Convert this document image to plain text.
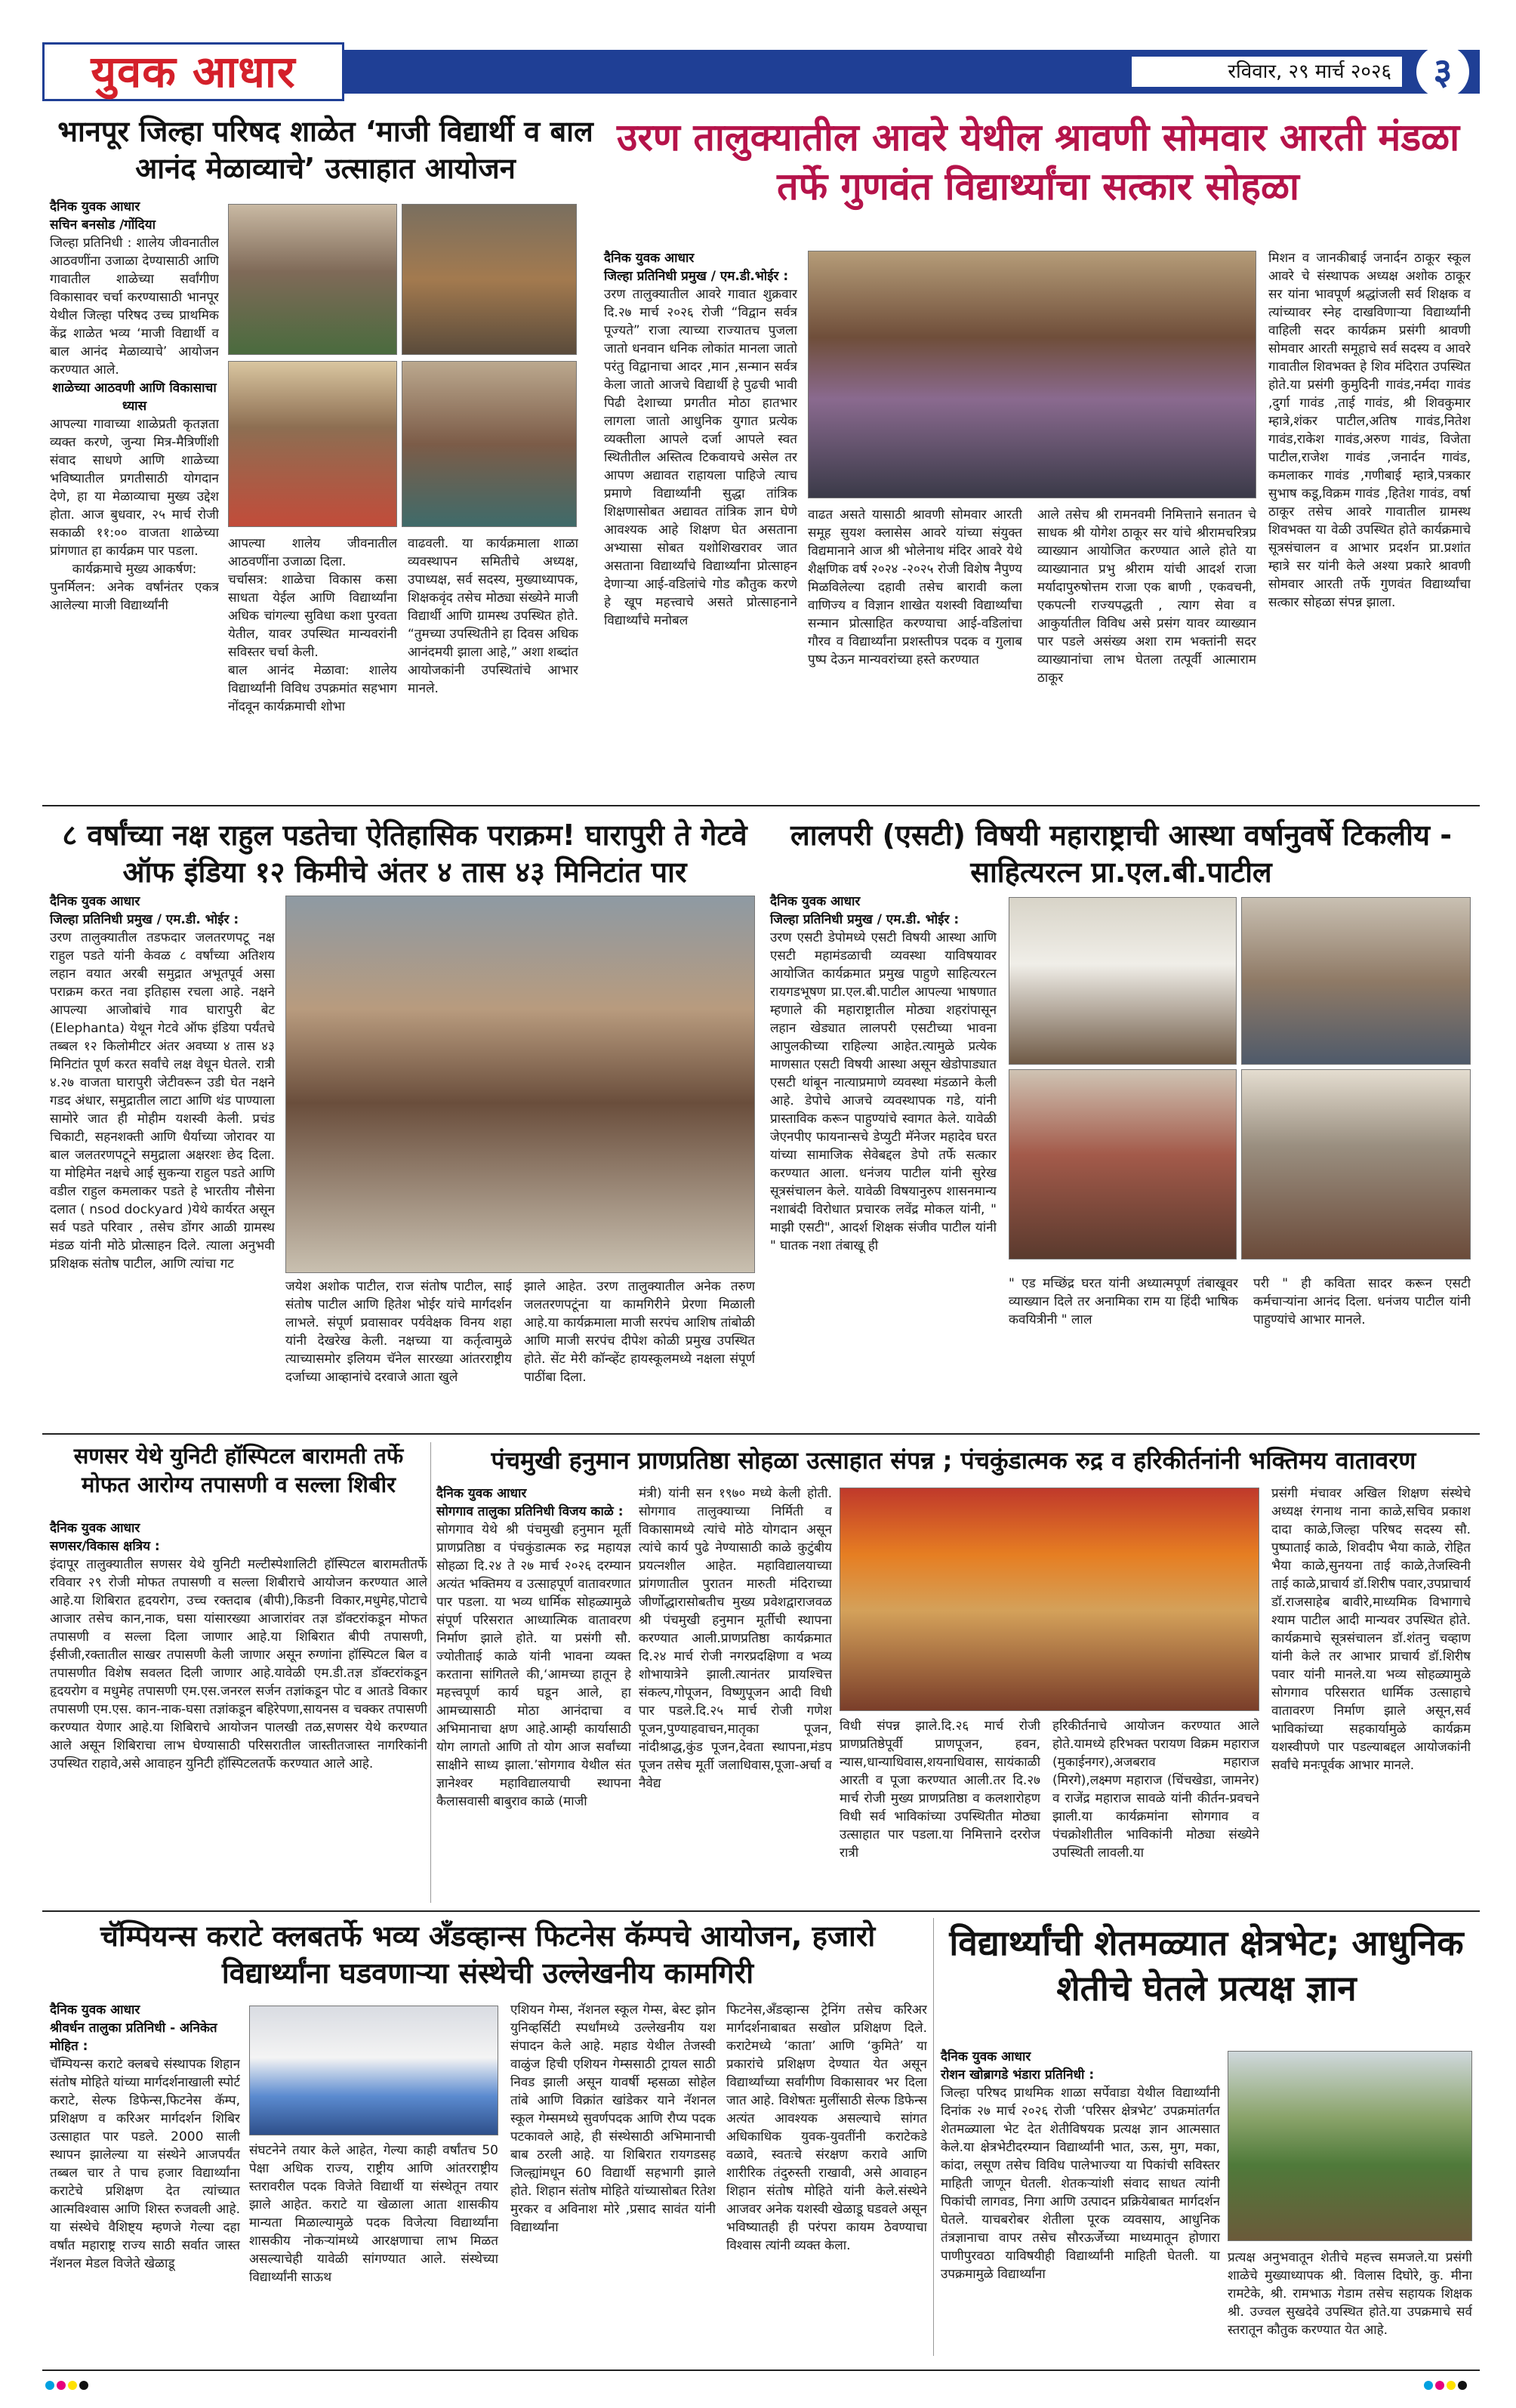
युवक आधार	रविवार, २९ मार्च २०२६	३
भानपूर जिल्हा परिषद शाळेत ‘माजी विद्यार्थी व बाल आनंद मेळाव्याचे’ उत्साहात आयोजन
दैनिक युवक आधार
सचिन बनसोड /गोंदिया
जिल्हा प्रतिनिधी : शालेय जीवनातील आठवणींना उजाळा देण्यासाठी आणि गावातील शाळेच्या सर्वांगीण विकासावर चर्चा करण्यासाठी भानपूर येथील जिल्हा परिषद उच्च प्राथमिक केंद्र शाळेत भव्य ‘माजी विद्यार्थी व बाल आनंद मेळाव्याचे’ आयोजन करण्यात आले.
शाळेच्या आठवणी आणि विकासाचा ध्यास
आपल्या गावाच्या शाळेप्रती कृतज्ञता व्यक्त करणे, जुन्या मित्र-मैत्रिणींशी संवाद साधणे आणि शाळेच्या भविष्यातील प्रगतीसाठी योगदान देणे, हा या मेळाव्याचा मुख्य उद्देश होता. आज बुधवार, २५ मार्च रोजी सकाळी ११:०० वाजता शाळेच्या प्रांगणात हा कार्यक्रम पार पडला.
कार्यक्रमाचे मुख्य आकर्षण:
पुनर्मिलन: अनेक वर्षांनंतर एकत्र आलेल्या माजी विद्यार्थ्यांनी
आपल्या शालेय जीवनातील आठवणींना उजाळा दिला.
चर्चासत्र: शाळेचा विकास कसा साधता येईल आणि विद्यार्थ्यांना अधिक चांगल्या सुविधा कशा पुरवता येतील, यावर उपस्थित मान्यवरांनी सविस्तर चर्चा केली.
बाल आनंद मेळावा: शालेय विद्यार्थ्यांनी विविध उपक्रमांत सहभाग नोंदवून कार्यक्रमाची शोभा
वाढवली. या कार्यक्रमाला शाळा व्यवस्थापन समितीचे अध्यक्ष, उपाध्यक्ष, सर्व सदस्य, मुख्याध्यापक, शिक्षकवृंद तसेच मोठ्या संख्येने माजी विद्यार्थी आणि ग्रामस्थ उपस्थित होते. “तुमच्या उपस्थितीने हा दिवस अधिक आनंदमयी झाला आहे,” अशा शब्दांत आयोजकांनी उपस्थितांचे आभार मानले.
उरण तालुक्यातील आवरे येथील श्रावणी सोमवार आरती मंडळा तर्फे गुणवंत विद्यार्थ्यांचा सत्कार सोहळा
दैनिक युवक आधार
जिल्हा प्रतिनिधी प्रमुख / एम.डी.भोईर :
उरण तालुक्यातील आवरे गावात शुक्रवार दि.२७ मार्च २०२६ रोजी “विद्वान सर्वत्र पूज्यते” राजा त्याच्या राज्यातच पुजला जातो धनवान धनिक लोकांत मानला जातो परंतु विद्वानाचा आदर ,मान ,सन्मान सर्वत्र केला जातो आजचे विद्यार्थी हे पुढची भावी पिढी देशाच्या प्रगतीत मोठा हातभार लागला जातो आधुनिक युगात प्रत्येक व्यक्तीला आपले दर्जा आपले स्वत स्थितीतील अस्तित्व टिकवायचे असेल तर आपण अद्यावत राहायला पाहिजे त्याच प्रमाणे विद्यार्थ्यांनी सुद्धा तांत्रिक शिक्षणासोबत अद्यावत तांत्रिक ज्ञान घेणे आवश्यक आहे शिक्षण घेत असताना अभ्यासा सोबत यशोशिखरावर जात असताना विद्यार्थ्यांचे विद्यार्थ्यांना प्रोत्साहन देणाऱ्या आई-वडिलांचे गोड कौतुक करणे हे खूप महत्त्वाचे असते प्रोत्साहनाने विद्यार्थ्यांचे मनोबल
वाढत असते यासाठी श्रावणी सोमवार आरती समूह सुयश क्लासेस आवरे यांच्या संयुक्त विद्यमानाने आज श्री भोलेनाथ मंदिर आवरे येथे शैक्षणिक वर्ष २०२४ -२०२५ रोजी विशेष नैपुण्य मिळविलेल्या दहावी तसेच बारावी कला वाणिज्य व विज्ञान शाखेत यशस्वी विद्यार्थ्यांचा सन्मान प्रोत्साहित करण्याचा आई-वडिलांचा गौरव व विद्यार्थ्यांना प्रशस्तीपत्र पदक व गुलाब पुष्प देऊन मान्यवरांच्या हस्ते करण्यात
आले तसेच श्री रामनवमी निमित्ताने सनातन चे साधक श्री योगेश ठाकूर सर यांचे श्रीरामचरित्रप्र व्याख्यान आयोजित करण्यात आले होते या व्याख्यानात प्रभु श्रीराम यांची आदर्श राजा मर्यादापुरुषोत्तम राजा एक बाणी , एकवचनी, एकपत्नी राज्यपद्धती , त्याग सेवा व आकुर्यातील विविध असे प्रसंग यावर व्याख्यान पार पडले असंख्य अशा राम भक्तांनी सदर व्याख्यानांचा लाभ घेतला तत्पूर्वी आत्माराम ठाकूर
मिशन व जानकीबाई जनार्दन ठाकूर स्कूल आवरे चे संस्थापक अध्यक्ष अशोक ठाकूर सर यांना भावपूर्ण श्रद्धांजली सर्व शिक्षक व त्यांच्यावर स्नेह दाखविणाऱ्या विद्यार्थ्यांनी वाहिली सदर कार्यक्रम प्रसंगी श्रावणी सोमवार आरती समूहाचे सर्व सदस्य व आवरे गावातील शिवभक्त हे शिव मंदिरात उपस्थित होते.या प्रसंगी कुमुदिनी गावंड,नर्मदा गावंड ,दुर्गा गावंड ,ताई गावंड, श्री शिवकुमार म्हात्रे,शंकर पाटील,अतिष गावंड,नितेश गावंड,राकेश गावंड,अरुण गावंड, विजेता पाटील,राजेश गावंड ,जनार्दन गावंड, कमलाकर गावंड ,गणीबाई म्हात्रे,पत्रकार सुभाष कडू,विक्रम गावंड ,हितेश गावंड, वर्षा ठाकूर तसेच आवरे गावातील ग्रामस्थ शिवभक्त या वेळी उपस्थित होते कार्यक्रमाचे सूत्रसंचालन व आभार प्रदर्शन प्रा.प्रशांत म्हात्रे सर यांनी केले अश्या प्रकारे श्रावणी सोमवार आरती तर्फे गुणवंत विद्यार्थ्यांचा सत्कार सोहळा संपन्न झाला.
८ वर्षांच्या नक्ष राहुल पडतेचा ऐतिहासिक पराक्रम! घारापुरी ते गेटवे ऑफ इंडिया १२ किमीचे अंतर ४ तास ४३ मिनिटांत पार
दैनिक युवक आधार
जिल्हा प्रतिनिधी प्रमुख / एम.डी. भोईर :
उरण तालुक्यातील तडफदार जलतरणपटू नक्ष राहुल पडते यांनी केवळ ८ वर्षांच्या अतिशय लहान वयात अरबी समुद्रात अभूतपूर्व असा पराक्रम करत नवा इतिहास रचला आहे. नक्षने आपल्या आजोबांचे गाव घारापुरी बेट (Elephanta) येथून गेटवे ऑफ इंडिया पर्यंतचे तब्बल १२ किलोमीटर अंतर अवघ्या ४ तास ४३ मिनिटांत पूर्ण करत सर्वांचे लक्ष वेधून घेतले. रात्री ४.२७ वाजता घारापुरी जेटीवरून उडी घेत नक्षने गडद अंधार, समुद्रातील लाटा आणि थंड पाण्याला सामोरे जात ही मोहीम यशस्वी केली. प्रचंड चिकाटी, सहनशक्ती आणि धैर्याच्या जोरावर या बाल जलतरणपटूने समुद्राला अक्षरशः छेद दिला. या मोहिमेत नक्षचे आई सुकन्या राहुल पडते आणि वडील राहुल कमलाकर पडते हे भारतीय नौसेना दलात ( nsod dockyard )येथे कार्यरत असून सर्व पडते परिवार , तसेच डोंगर आळी ग्रामस्थ मंडळ यांनी मोठे प्रोत्साहन दिले. त्याला अनुभवी प्रशिक्षक संतोष पाटील, आणि त्यांचा गट
जयेश अशोक पाटील, राज संतोष पाटील, साई संतोष पाटील आणि हितेश भोईर यांचे मार्गदर्शन लाभले. संपूर्ण प्रवासावर पर्यवेक्षक विनय शहा यांनी देखरेख केली. नक्षच्या या कर्तृत्वामुळे त्याच्यासमोर इलियम चॅनेल सारख्या आंतरराष्ट्रीय दर्जाच्या आव्हानांचे दरवाजे आता खुले
झाले आहेत. उरण तालुक्यातील अनेक तरुण जलतरणपटूंना या कामगिरीने प्रेरणा मिळाली आहे.या कार्यक्रमाला माजी सरपंच आशिष तांबोळी आणि माजी सरपंच दीपेश कोळी प्रमुख उपस्थित होते. सेंट मेरी कॉन्व्हेंट हायस्कूलमध्ये नक्षला संपूर्ण पाठींबा दिला.
लालपरी (एसटी) विषयी महाराष्ट्राची आस्था वर्षानुवर्षे टिकलीय - साहित्यरत्न प्रा.एल.बी.पाटील
दैनिक युवक आधार
जिल्हा प्रतिनिधी प्रमुख / एम.डी. भोईर :
उरण एसटी डेपोमध्ये एसटी विषयी आस्था आणि एसटी महामंडळाची व्यवस्था याविषयावर आयोजित कार्यक्रमात प्रमुख पाहुणे साहित्यरत्न रायगडभूषण प्रा.एल.बी.पाटील आपल्या भाषणात म्हणाले की महाराष्ट्रातील मोठ्या शहरांपासून लहान खेड्यात लालपरी एसटीच्या भावना आपुलकीच्या राहिल्या आहेत.त्यामुळे प्रत्येक माणसात एसटी विषयी आस्था असून खेडोपाड्यात एसटी थांबून नात्याप्रमाणे व्यवस्था मंडळाने केली आहे. डेपोचे आजचे व्यवस्थापक गडे, यांनी प्रास्ताविक करून पाहुण्यांचे स्वागत केले. यावेळी जेएनपीए फायनान्सचे डेप्युटी मॅनेजर महादेव घरत यांच्या सामाजिक सेवेबद्दल डेपो तर्फे सत्कार करण्यात आला. धनंजय पाटील यांनी सुरेख सूत्रसंचालन केले. यावेळी विषयानुरुप शासनमान्य नशाबंदी विरोधात प्रचारक लवेंद्र मोकल यांनी, " माझी एसटी", आदर्श शिक्षक संजीव पाटील यांनी " घातक नशा तंबाखू ही
" एड मच्छिंद्र घरत यांनी अध्यात्मपूर्ण तंबाखूवर व्याख्यान दिले तर अनामिका राम या हिंदी भाषिक कवयित्रीनी " लाल
परी " ही कविता सादर करून एसटी कर्मचाऱ्यांना आनंद दिला. धनंजय पाटील यांनी पाहुण्यांचे आभार मानले.
सणसर येथे युनिटी हॉस्पिटल बारामती तर्फे मोफत आरोग्य तपासणी व सल्ला शिबीर
दैनिक युवक आधार
सणसर/विकास क्षत्रिय :
इंदापूर तालुक्यातील सणसर येथे युनिटी मल्टीस्पेशालिटी हॉस्पिटल बारामतीतर्फे रविवार २९ रोजी मोफत तपासणी व सल्ला शिबीराचे आयोजन करण्यात आले आहे.या शिबिरात हृदयरोग, उच्च रक्तदाब (बीपी),किडनी विकार,मधुमेह,पोटाचे आजार तसेच कान,नाक, घसा यांसारख्या आजारांवर तज्ञ डॉक्टरांकडून मोफत तपासणी व सल्ला दिला जाणार आहे.या शिबिरात बीपी तपासणी, ईसीजी,रक्तातील साखर तपासणी केली जाणार असून रुग्णांना हॉस्पिटल बिल व तपासणीत विशेष सवलत दिली जाणार आहे.यावेळी एम.डी.तज्ञ डॉक्टरांकडून हृदयरोग व मधुमेह तपासणी एम.एस.जनरल सर्जन तज्ञांकडून पोट व आतडे विकार तपासणी एम.एस. कान-नाक-घसा तज्ञांकडून बहिरेपणा,सायनस व चक्कर तपासणी करण्यात येणार आहे.या शिबिराचे आयोजन पालखी तळ,सणसर येथे करण्यात आले असून शिबिराचा लाभ घेण्यासाठी परिसरातील जास्तीतजास्त नागरिकांनी उपस्थित राहावे,असे आवाहन युनिटी हॉस्पिटलतर्फे करण्यात आले आहे.
पंचमुखी हनुमान प्राणप्रतिष्ठा सोहळा उत्साहात संपन्न ; पंचकुंडात्मक रुद्र व हरिकीर्तनांनी भक्तिमय वातावरण
दैनिक युवक आधार
सोगगाव तालुका प्रतिनिधी विजय काळे :
सोगगाव येथे श्री पंचमुखी हनुमान मूर्ती प्राणप्रतिष्ठा व पंचकुंडात्मक रुद्र महायज्ञ सोहळा दि.२४ ते २७ मार्च २०२६ दरम्यान अत्यंत भक्तिमय व उत्साहपूर्ण वातावरणात पार पडला. या भव्य धार्मिक सोहळ्यामुळे संपूर्ण परिसरात आध्यात्मिक वातावरण निर्माण झाले होते. या प्रसंगी सौ. ज्योतीताई काळे यांनी भावना व्यक्त करताना सांगितले की,‘आमच्या हातून हे महत्त्वपूर्ण कार्य घडून आले, हा आमच्यासाठी मोठा आनंदाचा व अभिमानाचा क्षण आहे.आम्ही कार्यासाठी योग लागतो आणि तो योग आज सर्वांच्या साक्षीने साध्य झाला.’सोगगाव येथील संत ज्ञानेश्वर महाविद्यालयाची स्थापना कैलासवासी बाबुराव काळे (माजी
मंत्री) यांनी सन १९७० मध्ये केली होती. सोगगाव तालुक्याच्या निर्मिती व विकासामध्ये त्यांचे मोठे योगदान असून त्यांचे कार्य पुढे नेण्यासाठी काळे कुटुंबीय प्रयत्नशील आहेत. महाविद्यालयाच्या प्रांगणातील पुरातन मारुती मंदिराच्या जीर्णोद्धारासोबतीच मुख्य प्रवेशद्वाराजवळ श्री पंचमुखी हनुमान मूर्तीची स्थापना करण्यात आली.प्राणप्रतिष्ठा कार्यक्रमात दि.२४ मार्च रोजी नगरप्रदक्षिणा व भव्य शोभायात्रेने झाली.त्यानंतर प्रायश्चित्त संकल्प,गोपूजन, विष्णुपूजन आदी विधी पार पडले.दि.२५ मार्च रोजी गणेश पूजन,पुण्याहवाचन,मातृका पूजन, नांदीश्राद्ध,कुंड पूजन,देवता स्थापना,मंडप पूजन तसेच मूर्ती जलाधिवास,पूजा-अर्चा व नैवेद्य
विधी संपन्न झाले.दि.२६ मार्च रोजी प्राणप्रतिष्ठेपूर्वी प्राणपूजन, हवन, न्यास,धान्याधिवास,शयनाधिवास, सायंकाळी आरती व पूजा करण्यात आली.तर दि.२७ मार्च रोजी मुख्य प्राणप्रतिष्ठा व कलशारोहण विधी सर्व भाविकांच्या उपस्थितीत मोठ्या उत्साहात पार पडला.या निमित्ताने दररोज रात्री
हरिकीर्तनाचे आयोजन करण्यात आले होते.यामध्ये हरिभक्त परायण विक्रम महाराज (मुकाईनगर),अजबराव महाराज (मिरगे),लक्ष्मण महाराज (चिंचखेडा, जामनेर) व राजेंद्र महाराज सावळे यांनी कीर्तन-प्रवचने झाली.या कार्यक्रमांना सोगगाव व पंचक्रोशीतील भाविकांनी मोठ्या संख्येने उपस्थिती लावली.या
प्रसंगी मंचावर अखिल शिक्षण संस्थेचे अध्यक्ष रंगनाथ नाना काळे,सचिव प्रकाश दादा काळे,जिल्हा परिषद सदस्य सौ. पुष्पाताई काळे, शिवदीप भैया काळे, रोहित भैया काळे,सुनयना ताई काळे,तेजस्विनी ताई काळे,प्राचार्य डॉ.शिरीष पवार,उपप्राचार्य डॉ.राजसाहेब बावीरे,माध्यमिक विभागाचे श्याम पाटील आदी मान्यवर उपस्थित होते. कार्यक्रमाचे सूत्रसंचालन डॉ.शंतनु चव्हाण यांनी केले तर आभार प्राचार्य डॉ.शिरीष पवार यांनी मानले.या भव्य सोहळ्यामुळे सोगगाव परिसरात धार्मिक उत्साहाचे वातावरण निर्माण झाले असून,सर्व भाविकांच्या सहकार्यामुळे कार्यक्रम यशस्वीपणे पार पडल्याबद्दल आयोजकांनी सर्वांचे मनःपूर्वक आभार मानले.
चॅम्पियन्स कराटे क्लबतर्फे भव्य अँडव्हान्स फिटनेस कॅम्पचे आयोजन, हजारो विद्यार्थ्यांना घडवणाऱ्या संस्थेची उल्लेखनीय कामगिरी
दैनिक युवक आधार
श्रीवर्धन तालुका प्रतिनिधी - अनिकेत मोहित :
चॅम्पियन्स कराटे क्लबचे संस्थापक शिहान संतोष मोहिते यांच्या मार्गदर्शनाखाली स्पोर्ट कराटे, सेल्फ डिफेन्स,फिटनेस कॅम्प, प्रशिक्षण व करिअर मार्गदर्शन शिबिर उत्साहात पार पडले. 2000 साली स्थापन झालेल्या या संस्थेने आजपर्यंत तब्बल चार ते पाच हजार विद्यार्थ्यांना कराटेचे प्रशिक्षण देत त्यांच्यात आत्मविश्वास आणि शिस्त रुजवली आहे. या संस्थेचे वैशिष्ट्य म्हणजे गेल्या दहा वर्षांत महाराष्ट्र राज्य साठी सर्वात जास्त नॅशनल मेडल विजेते खेळाडू
संघटनेने तयार केले आहेत, गेल्या काही वर्षांतच 50 पेक्षा अधिक राज्य, राष्ट्रीय आणि आंतरराष्ट्रीय स्तरावरील पदक विजेते विद्यार्थी या संस्थेतून तयार झाले आहेत. कराटे या खेळाला आता शासकीय मान्यता मिळाल्यामुळे पदक विजेत्या विद्यार्थ्यांना शासकीय नोकऱ्यांमध्ये आरक्षणाचा लाभ मिळत असल्याचेही यावेळी सांगण्यात आले. संस्थेच्या विद्यार्थ्यांनी साऊथ
एशियन गेम्स, नॅशनल स्कूल गेम्स, बेस्ट झोन युनिव्हर्सिटी स्पर्धांमध्ये उल्लेखनीय यश संपादन केले आहे. महाड येथील तेजस्वी वाळुंज हिची एशियन गेम्ससाठी ट्रायल साठी निवड झाली असून यावर्षी म्हसळा सोहेल तांबे आणि विक्रांत खांडेकर याने नॅशनल स्कूल गेम्समध्ये सुवर्णपदक आणि रौप्य पदक पटकावले आहे, ही संस्थेसाठी अभिमानाची बाब ठरली आहे. या शिबिरात रायगडसह जिल्ह्यांमधून 60 विद्यार्थी सहभागी झाले होते. शिहान संतोष मोहिते यांच्यासोबत रितेश मुरकर व अविनाश मोरे ,प्रसाद सावंत यांनी विद्यार्थ्यांना
फिटनेस,अँडव्हान्स ट्रेनिंग तसेच करिअर मार्गदर्शनाबाबत सखोल प्रशिक्षण दिले. कराटेमध्ये ‘काता’ आणि ‘कुमिते’ या प्रकारांचे प्रशिक्षण देण्यात येत असून विद्यार्थ्यांच्या सर्वांगीण विकासावर भर दिला जात आहे. विशेषतः मुलींसाठी सेल्फ डिफेन्स अत्यंत आवश्यक असल्याचे सांगत अधिकाधिक युवक-युवतींनी कराटेकडे वळावे, स्वतःचे संरक्षण करावे आणि शारीरिक तंदुरुस्ती राखावी, असे आवाहन शिहान संतोष मोहिते यांनी केले.संस्थेने आजवर अनेक यशस्वी खेळाडू घडवले असून भविष्यातही ही परंपरा कायम ठेवण्याचा विश्वास त्यांनी व्यक्त केला.
विद्यार्थ्यांची शेतमळ्यात क्षेत्रभेट; आधुनिक शेतीचे घेतले प्रत्यक्ष ज्ञान
दैनिक युवक आधार
रोशन खोब्रागडे भंडारा प्रतिनिधी :
जिल्हा परिषद प्राथमिक शाळा सर्पेवाडा येथील विद्यार्थ्यांनी दिनांक २७ मार्च २०२६ रोजी ‘परिसर क्षेत्रभेट’ उपक्रमांतर्गत शेतमळ्याला भेट देत शेतीविषयक प्रत्यक्ष ज्ञान आत्मसात केले.या क्षेत्रभेटीदरम्यान विद्यार्थ्यांनी भात, ऊस, मुग, मका, कांदा, लसूण तसेच विविध पालेभाज्या या पिकांची सविस्तर माहिती जाणून घेतली. शेतकऱ्यांशी संवाद साधत त्यांनी पिकांची लागवड, निगा आणि उत्पादन प्रक्रियेबाबत मार्गदर्शन घेतले. याचबरोबर शेतीला पूरक व्यवसाय, आधुनिक तंत्रज्ञानाचा वापर तसेच सौरऊर्जेच्या माध्यमातून होणारा पाणीपुरवठा याविषयीही विद्यार्थ्यांनी माहिती घेतली. या उपक्रमामुळे विद्यार्थ्यांना
प्रत्यक्ष अनुभवातून शेतीचे महत्त्व समजले.या प्रसंगी शाळेचे मुख्याध्यापक श्री. विलास दिघोरे, कु. मीना रामटेके, श्री. रामभाऊ गेडाम तसेच सहायक शिक्षक श्री. उज्वल सुखदेवे उपस्थित होते.या उपक्रमाचे सर्व स्तरातून कौतुक करण्यात येत आहे.
